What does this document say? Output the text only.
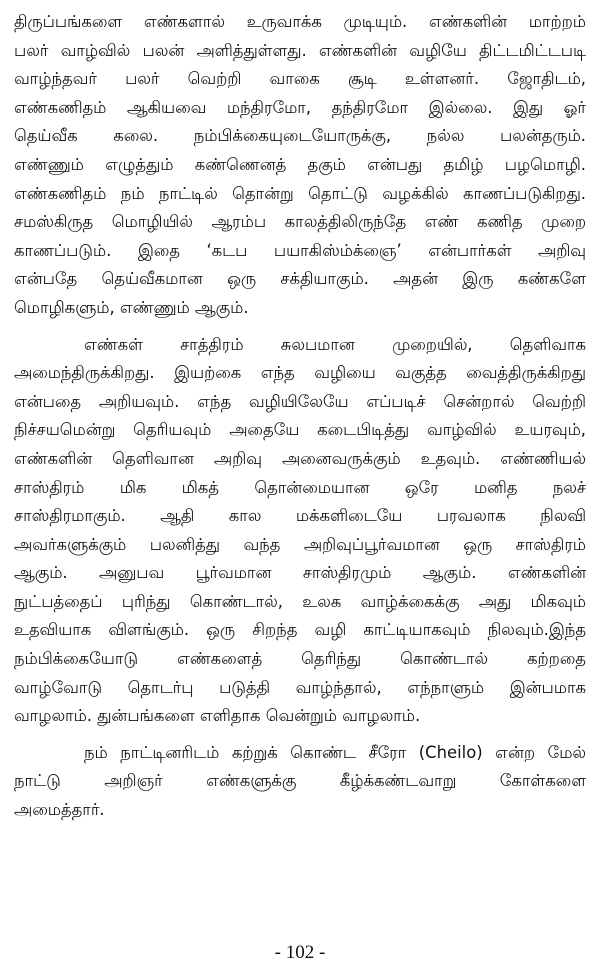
திருப்பங்களை எண்களால் உருவாக்க முடியும். எண்களின் மாற்றம்
பலர் வாழ்வில் பலன் அளித்துள்ளது. எண்களின் வழியே திட்டமிட்டபடி
வாழ்ந்தவர் பலர் வெற்றி வாகை சூடி உள்ளனர். ஜோதிடம்,
எண்கணிதம் ஆகியவை மந்திரமோ, தந்திரமோ இல்லை. இது ஓர்
தெய்வீக கலை. நம்பிக்கையுடையோருக்கு, நல்ல பலன்தரும்.
எண்ணும் எழுத்தும் கண்ணெனத் தகும் என்பது தமிழ் பழமொழி.
எண்கணிதம் நம் நாட்டில் தொன்று தொட்டு வழக்கில் காணப்படுகிறது.
சமஸ்கிருத மொழியில் ஆரம்ப காலத்திலிருந்தே எண் கணித முறை
காணப்படும். இதை ‘கடப பயாகிஸ்ம்க்ஞை’ என்பார்கள் அறிவு
என்பதே தெய்வீகமான ஒரு சக்தியாகும். அதன் இரு கண்களே
மொழிகளும், எண்ணும் ஆகும்.
எண்கள் சாத்திரம் சுலபமான முறையில், தெளிவாக
அமைந்திருக்கிறது. இயற்கை எந்த வழியை வகுத்த வைத்திருக்கிறது
என்பதை அறியவும். எந்த வழியிலேயே எப்படிச் சென்றால் வெற்றி
நிச்சயமென்று தெரியவும் அதையே கடைபிடித்து வாழ்வில் உயரவும்,
எண்களின் தெளிவான அறிவு அனைவருக்கும் உதவும். எண்ணியல்
சாஸ்திரம் மிக மிகத் தொன்மையான ஒரே மனித நலச்
சாஸ்திரமாகும். ஆதி கால மக்களிடையே பரவலாக நிலவி
அவர்களுக்கும் பலனித்து வந்த அறிவுப்பூர்வமான ஒரு சாஸ்திரம்
ஆகும். அனுபவ பூர்வமான சாஸ்திரமும் ஆகும். எண்களின்
நுட்பத்தைப் புரிந்து கொண்டால், உலக வாழ்க்கைக்கு அது மிகவும்
உதவியாக விளங்கும். ஒரு சிறந்த வழி காட்டியாகவும் நிலவும்.இந்த
நம்பிக்கையோடு எண்களைத் தெரிந்து கொண்டால் கற்றதை
வாழ்வோடு தொடர்பு படுத்தி வாழ்ந்தால், எந்நாளும் இன்பமாக
வாழலாம். துன்பங்களை எளிதாக வென்றும் வாழலாம்.
நம் நாட்டினரிடம் கற்றுக் கொண்ட சீரோ (Cheilo) என்ற மேல்
நாட்டு அறிஞர் எண்களுக்கு கீழ்க்கண்டவாறு கோள்களை
அமைத்தார்.
- 102 -
